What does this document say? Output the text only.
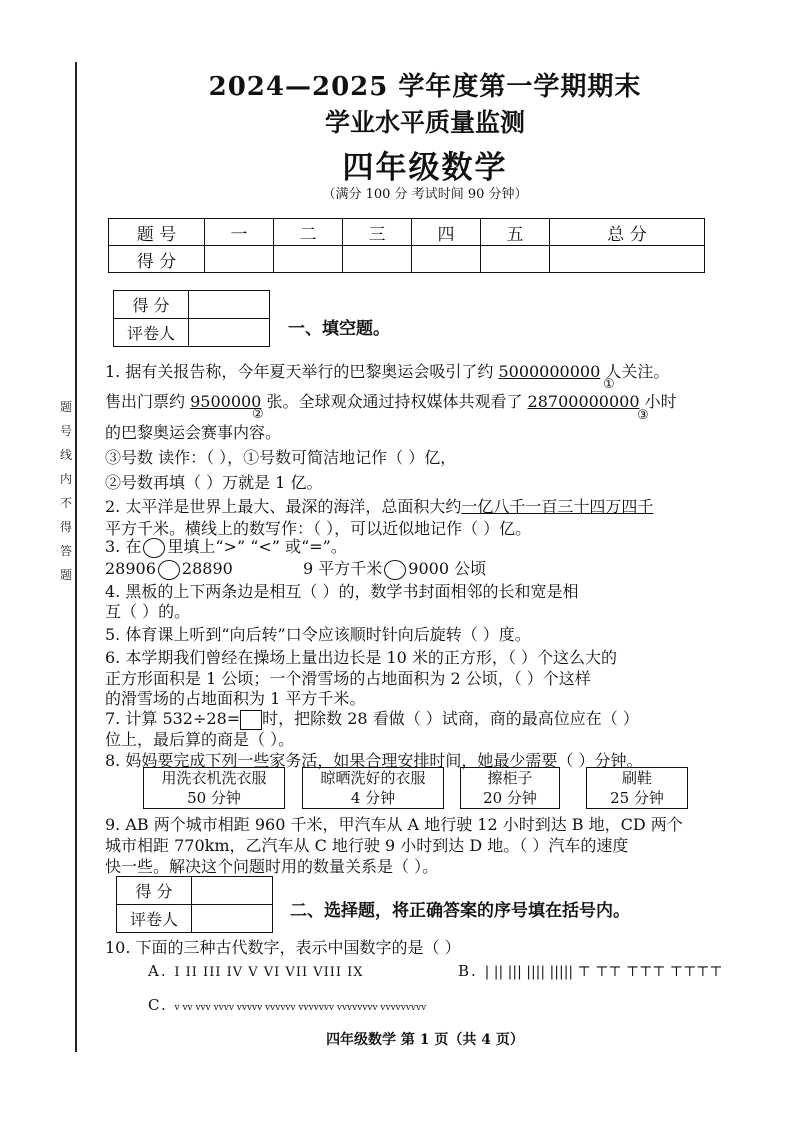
题
号
线
内
不
得
答
题
2024—2025 学年度第一学期期末
学业水平质量监测
四年级数学
（满分 100 分 考试时间 90 分钟）
题 号	一	二	三	四	五	总 分
得 分						
得 分	
评卷人		一、填空题。
1. 据有关报告称，今年夏天举行的巴黎奥运会吸引了约 5000000000 人关注。
①
售出门票约 9500000 张。全球观众通过持权媒体共观看了 28700000000 小时
②	③
的巴黎奥运会赛事内容。
③号数 读作：（ ），①号数可简洁地记作（ ）亿，
②号数再填（ ）万就是 1 亿。
2. 太平洋是世界上最大、最深的海洋，总面积大约一亿八千一百三十四万四千
平方千米。横线上的数写作：（ ），可以近似地记作（ ）亿。
3. 在 里填上“>” “<” 或“=”。
28906 28890	9 平方千米 9000 公顷
4. 黑板的上下两条边是相互（ ）的，数学书封面相邻的长和宽是相
互（ ）的。
5. 体育课上听到“向后转”口令应该顺时针向后旋转（ ）度。
6. 本学期我们曾经在操场上量出边长是 10 米的正方形，（ ）个这么大的
正方形面积是 1 公顷；一个滑雪场的占地面积为 2 公顷，（ ）个这样
的滑雪场的占地面积为 1 平方千米。
7. 计算 532÷28= 时，把除数 28 看做（ ）试商，商的最高位应在（ ）
位上，最后算的商是（ ）。
8. 妈妈要完成下列一些家务活，如果合理安排时间，她最少需要（ ）分钟。
用洗衣机洗衣服
50 分钟
晾晒洗好的衣服
4 分钟
擦柜子
20 分钟
刷鞋
25 分钟
9. AB 两个城市相距 960 千米，甲汽车从 A 地行驶 12 小时到达 B 地，CD 两个
城市相距 770km，乙汽车从 C 地行驶 9 小时到达 D 地。（ ）汽车的速度
快一些。解决这个问题时用的数量关系是（ ）。
得 分	
评卷人		二、选择题，将正确答案的序号填在括号内。
10. 下面的三种古代数字，表示中国数字的是（ ）
A. I II III IV V VI VII VIII IX	B. | || ||| |||| ||||| ⊤ ⊤⊤ ⊤⊤⊤ ⊤⊤⊤⊤
C. v vv vvv vvvv vvvvv vvvvvv vvvvvvv vvvvvvvv vvvvvvvvv
四年级数学 第 1 页（共 4 页）
